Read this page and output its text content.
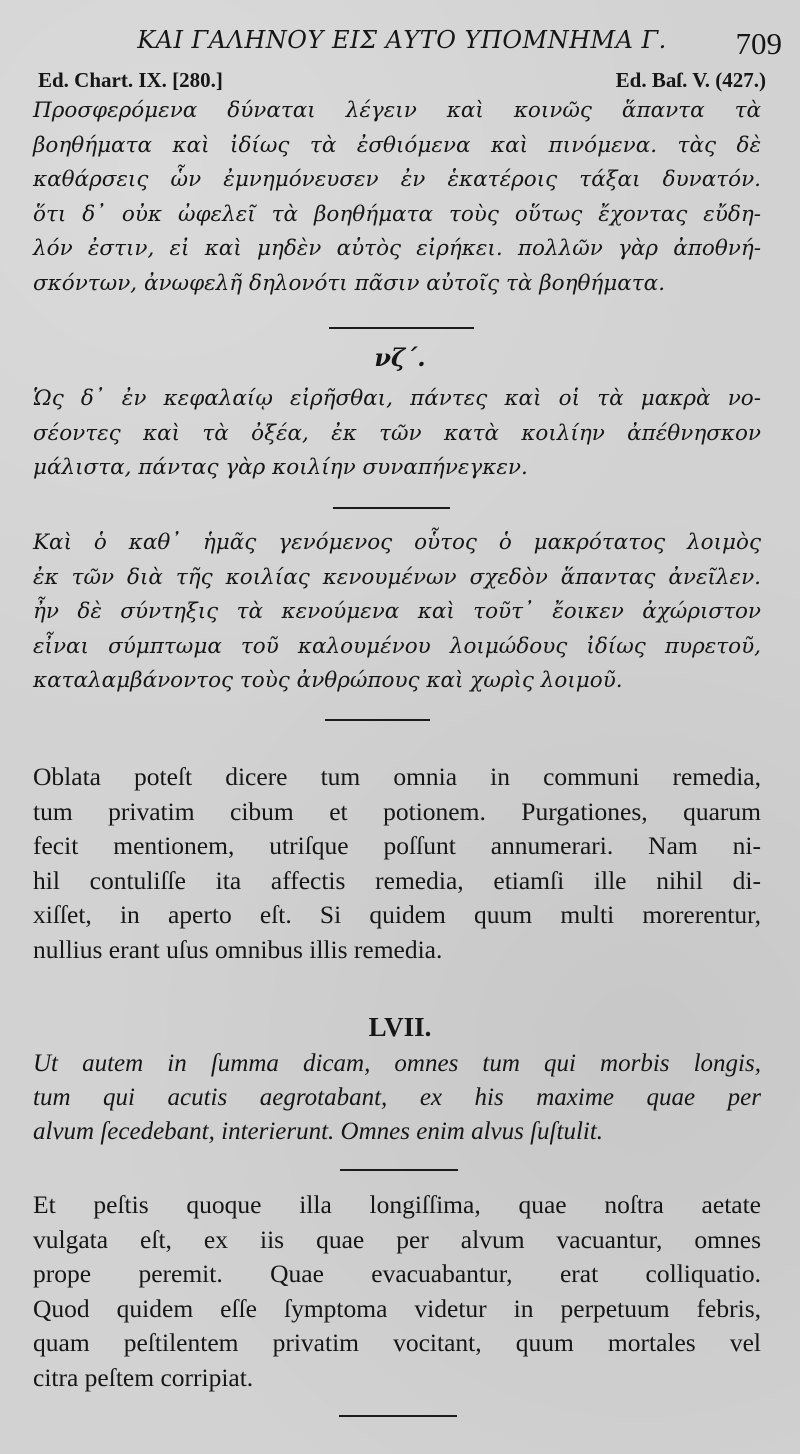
ΚΑΙ ΓΑΛΗΝΟΥ ΕΙΣ ΑΥΤΟ ΥΠΟΜΝΗΜΑ Γ.	709
Ed. Chart. IX. [280.]	Ed. Baſ. V. (427.)

Προσφερόμενα δύναται λέγειν καὶ κοινῶς ἅπαντα τὰ
βοηθήματα καὶ ἰδίως τὰ ἐσθιόμενα καὶ πινόμενα. τὰς δὲ
καθάρσεις ὧν ἐμνημόνευσεν ἐν ἑκατέροις τάξαι δυνατόν.
ὅτι δ᾽ οὐκ ὠφελεῖ τὰ βοηθήματα τοὺς οὕτως ἔχοντας εὔδη-
λόν ἐστιν, εἰ καὶ μηδὲν αὐτὸς εἰρήκει. πολλῶν γὰρ ἀποθνή-
σκόντων, ἀνωφελῆ δηλονότι πᾶσιν αὐτοῖς τὰ βοηθήματα.

νζ΄.

Ὡς δ᾽ ἐν κεφαλαίῳ εἰρῆσθαι, πάντες καὶ οἱ τὰ μακρὰ νο-
σέοντες καὶ τὰ ὀξέα, ἐκ τῶν κατὰ κοιλίην ἀπέθνησκον
μάλιστα, πάντας γὰρ κοιλίην συναπήνεγκεν.

Καὶ ὁ καθ᾽ ἡμᾶς γενόμενος οὗτος ὁ μακρότατος λοιμὸς
ἐκ τῶν διὰ τῆς κοιλίας κενουμένων σχεδὸν ἅπαντας ἀνεῖλεν.
ἦν δὲ σύντηξις τὰ κενούμενα καὶ τοῦτ᾽ ἔοικεν ἀχώριστον
εἶναι σύμπτωμα τοῦ καλουμένου λοιμώδους ἰδίως πυρετοῦ,
καταλαμβάνοντος τοὺς ἀνθρώπους καὶ χωρὶς λοιμοῦ.

Oblata poteſt dicere tum omnia in communi remedia,
tum privatim cibum et potionem. Purgationes, quarum
fecit mentionem, utriſque poſſunt annumerari. Nam ni-
hil contuliſſe ita affectis remedia, etiamſi ille nihil di-
xiſſet, in aperto eſt. Si quidem quum multi morerentur,
nullius erant uſus omnibus illis remedia.

LVII.

Ut autem in ſumma dicam, omnes tum qui morbis longis,
tum qui acutis aegrotabant, ex his maxime quae per
alvum ſecedebant, interierunt. Omnes enim alvus ſuſtulit.

Et peſtis quoque illa longiſſima, quae noſtra aetate
vulgata eſt, ex iis quae per alvum vacuantur, omnes
prope peremit. Quae evacuabantur, erat colliquatio.
Quod quidem eſſe ſymptoma videtur in perpetuum febris,
quam peſtilentem privatim vocitant, quum mortales vel
citra peſtem corripiat.
